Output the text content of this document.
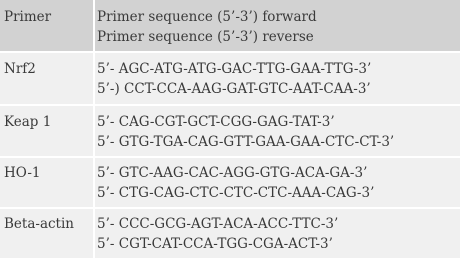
Primer	Primer sequence (5’-3’) forward
Primer sequence (5’-3’) reverse
Nrf2	5’- AGC-ATG-ATG-GAC-TTG-GAA-TTG-3’
5’-) CCT-CCA-AAG-GAT-GTC-AAT-CAA-3’
Keap 1	5’- CAG-CGT-GCT-CGG-GAG-TAT-3’
5’- GTG-TGA-CAG-GTT-GAA-GAA-CTC-CT-3’
HO-1	5’- GTC-AAG-CAC-AGG-GTG-ACA-GA-3’
5’- CTG-CAG-CTC-CTC-CTC-AAA-CAG-3’
Beta-actin 5’- CCC-GCG-AGT-ACA-ACC-TTC-3’
5’- CGT-CAT-CCA-TGG-CGA-ACT-3’
